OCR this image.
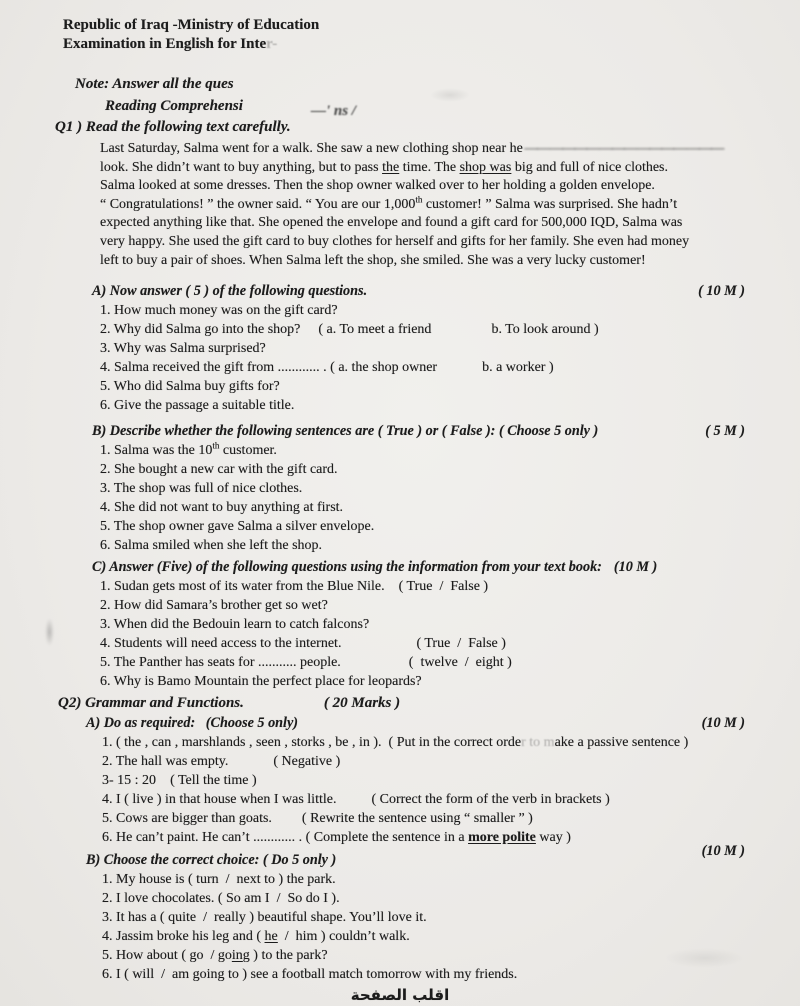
Republic of Iraq -Ministry of Education
Examination in English for Inter-
Note: Answer all the ques
Reading Comprehensi	—' ns /
Q1 ) Read the following text carefully.
Last Saturday, Salma went for a walk. She saw a new clothing shop near he —— ———— ——— ———— ———
look. She didn’t want to buy anything, but to pass the time. The shop was big and full of nice clothes.
Salma looked at some dresses. Then the shop owner walked over to her holding a golden envelope.
“ Congratulations! ” the owner said. “ You are our 1,000th customer! ” Salma was surprised. She hadn’t
expected anything like that. She opened the envelope and found a gift card for 500,000 IQD, Salma was
very happy. She used the gift card to buy clothes for herself and gifts for her family. She even had money
left to buy a pair of shoes. When Salma left the shop, she smiled. She was a very lucky customer!
A) Now answer ( 5 ) of the following questions.	( 10 M )
1. How much money was on the gift card?
2. Why did Salma go into the shop? ( a. To meet a friend	b. To look around )
3. Why was Salma surprised?
4. Salma received the gift from ............ . ( a. the shop owner	b. a worker )
5. Who did Salma buy gifts for?
6. Give the passage a suitable title.
B) Describe whether the following sentences are ( True ) or ( False ): ( Choose 5 only )	( 5 M )
1. Salma was the 10th customer.
2. She bought a new car with the gift card.
3. The shop was full of nice clothes.
4. She did not want to buy anything at first.
5. The shop owner gave Salma a silver envelope.
6. Salma smiled when she left the shop.
C) Answer (Five) of the following questions using the information from your text book: (10 M )
1. Sudan gets most of its water from the Blue Nile. ( True  /  False )
2. How did Samara’s brother get so wet?
3. When did the Bedouin learn to catch falcons?
4. Students will need access to the internet.	( True  /  False )
5. The Panther has seats for ........... people.	(  twelve  /  eight )
6. Why is Bamo Mountain the perfect place for leopards?
Q2) Grammar and Functions.	( 20 Marks )
A) Do as required:   (Choose 5 only)	(10 M )
1. ( the , can , marshlands , seen , storks , be , in ).  ( Put in the correct order to make a passive sentence )
2. The hall was empty.	( Negative )
3- 15 : 20 ( Tell the time )
4. I ( live ) in that house when I was little.	( Correct the form of the verb in brackets )
5. Cows are bigger than goats. ( Rewrite the sentence using “ smaller ” )
6. He can’t paint. He can’t ............ . ( Complete the sentence in a more polite way )
B) Choose the correct choice: ( Do 5 only )
(10 M )
1. My house is ( turn  /  next to ) the park.
2. I love chocolates. ( So am I  /  So do I ).
3. It has a ( quite  /  really ) beautiful shape. You’ll love it.
4. Jassim broke his leg and ( he  /  him ) couldn’t walk.
5. How about ( go  / going ) to the park?
6. I ( will  /  am going to ) see a football match tomorrow with my friends.
اقلب الصفحة
